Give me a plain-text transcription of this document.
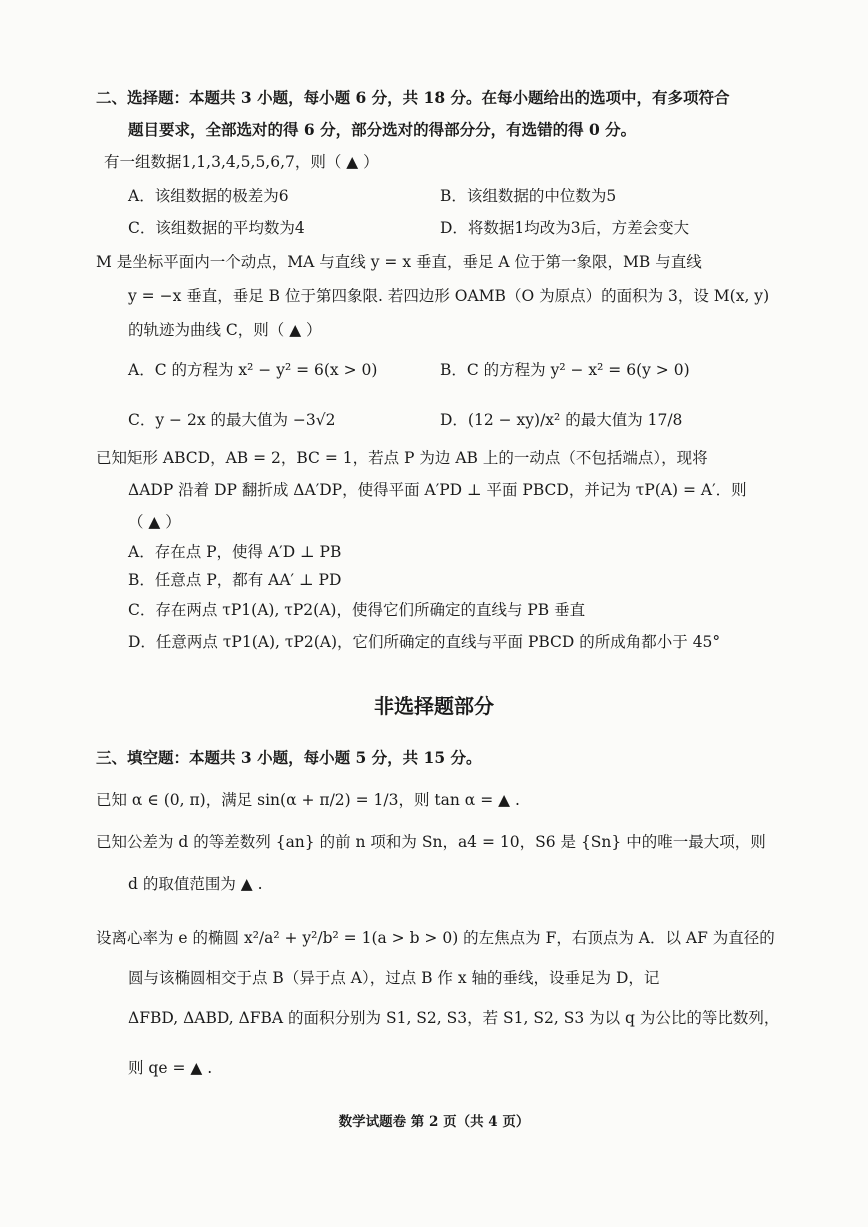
二、选择题：本题共 3 小题，每小题 6 分，共 18 分。在每小题给出的选项中，有多项符合
题目要求，全部选对的得 6 分，部分选对的得部分分，有选错的得 0 分。
有一组数据1,1,3,4,5,5,6,7，则（ ▲ ）
A．该组数据的极差为6	B．该组数据的中位数为5
C．该组数据的平均数为4	D．将数据1均改为3后，方差会变大
M 是坐标平面内一个动点，MA 与直线 y = x 垂直，垂足 A 位于第一象限，MB 与直线
y = −x 垂直，垂足 B 位于第四象限. 若四边形 OAMB（O 为原点）的面积为 3，设 M(x, y)
的轨迹为曲线 C，则（ ▲ ）
A．C 的方程为 x² − y² = 6(x > 0)	B．C 的方程为 y² − x² = 6(y > 0)
C．y − 2x 的最大值为 −3√2	D．(12 − xy)/x² 的最大值为 17/8
已知矩形 ABCD，AB = 2，BC = 1，若点 P 为边 AB 上的一动点（不包括端点），现将
ΔADP 沿着 DP 翻折成 ΔA′DP，使得平面 A′PD ⊥ 平面 PBCD，并记为 τP(A) = A′．则
（ ▲ ）
A．存在点 P，使得 A′D ⊥ PB
B．任意点 P，都有 AA′ ⊥ PD
C．存在两点 τP1(A), τP2(A)，使得它们所确定的直线与 PB 垂直
D．任意两点 τP1(A), τP2(A)，它们所确定的直线与平面 PBCD 的所成角都小于 45°
非选择题部分
三、填空题：本题共 3 小题，每小题 5 分，共 15 分。
已知 α ∈ (0, π)，满足 sin(α + π/2) = 1/3，则 tan α = ▲ .
已知公差为 d 的等差数列 {an} 的前 n 项和为 Sn，a4 = 10，S6 是 {Sn} 中的唯一最大项，则
d 的取值范围为 ▲ .
设离心率为 e 的椭圆 x²/a² + y²/b² = 1(a > b > 0) 的左焦点为 F，右顶点为 A．以 AF 为直径的
圆与该椭圆相交于点 B（异于点 A），过点 B 作 x 轴的垂线，设垂足为 D，记
ΔFBD, ΔABD, ΔFBA 的面积分别为 S1, S2, S3，若 S1, S2, S3 为以 q 为公比的等比数列，
则 qe = ▲ .
数学试题卷 第 2 页（共 4 页）
